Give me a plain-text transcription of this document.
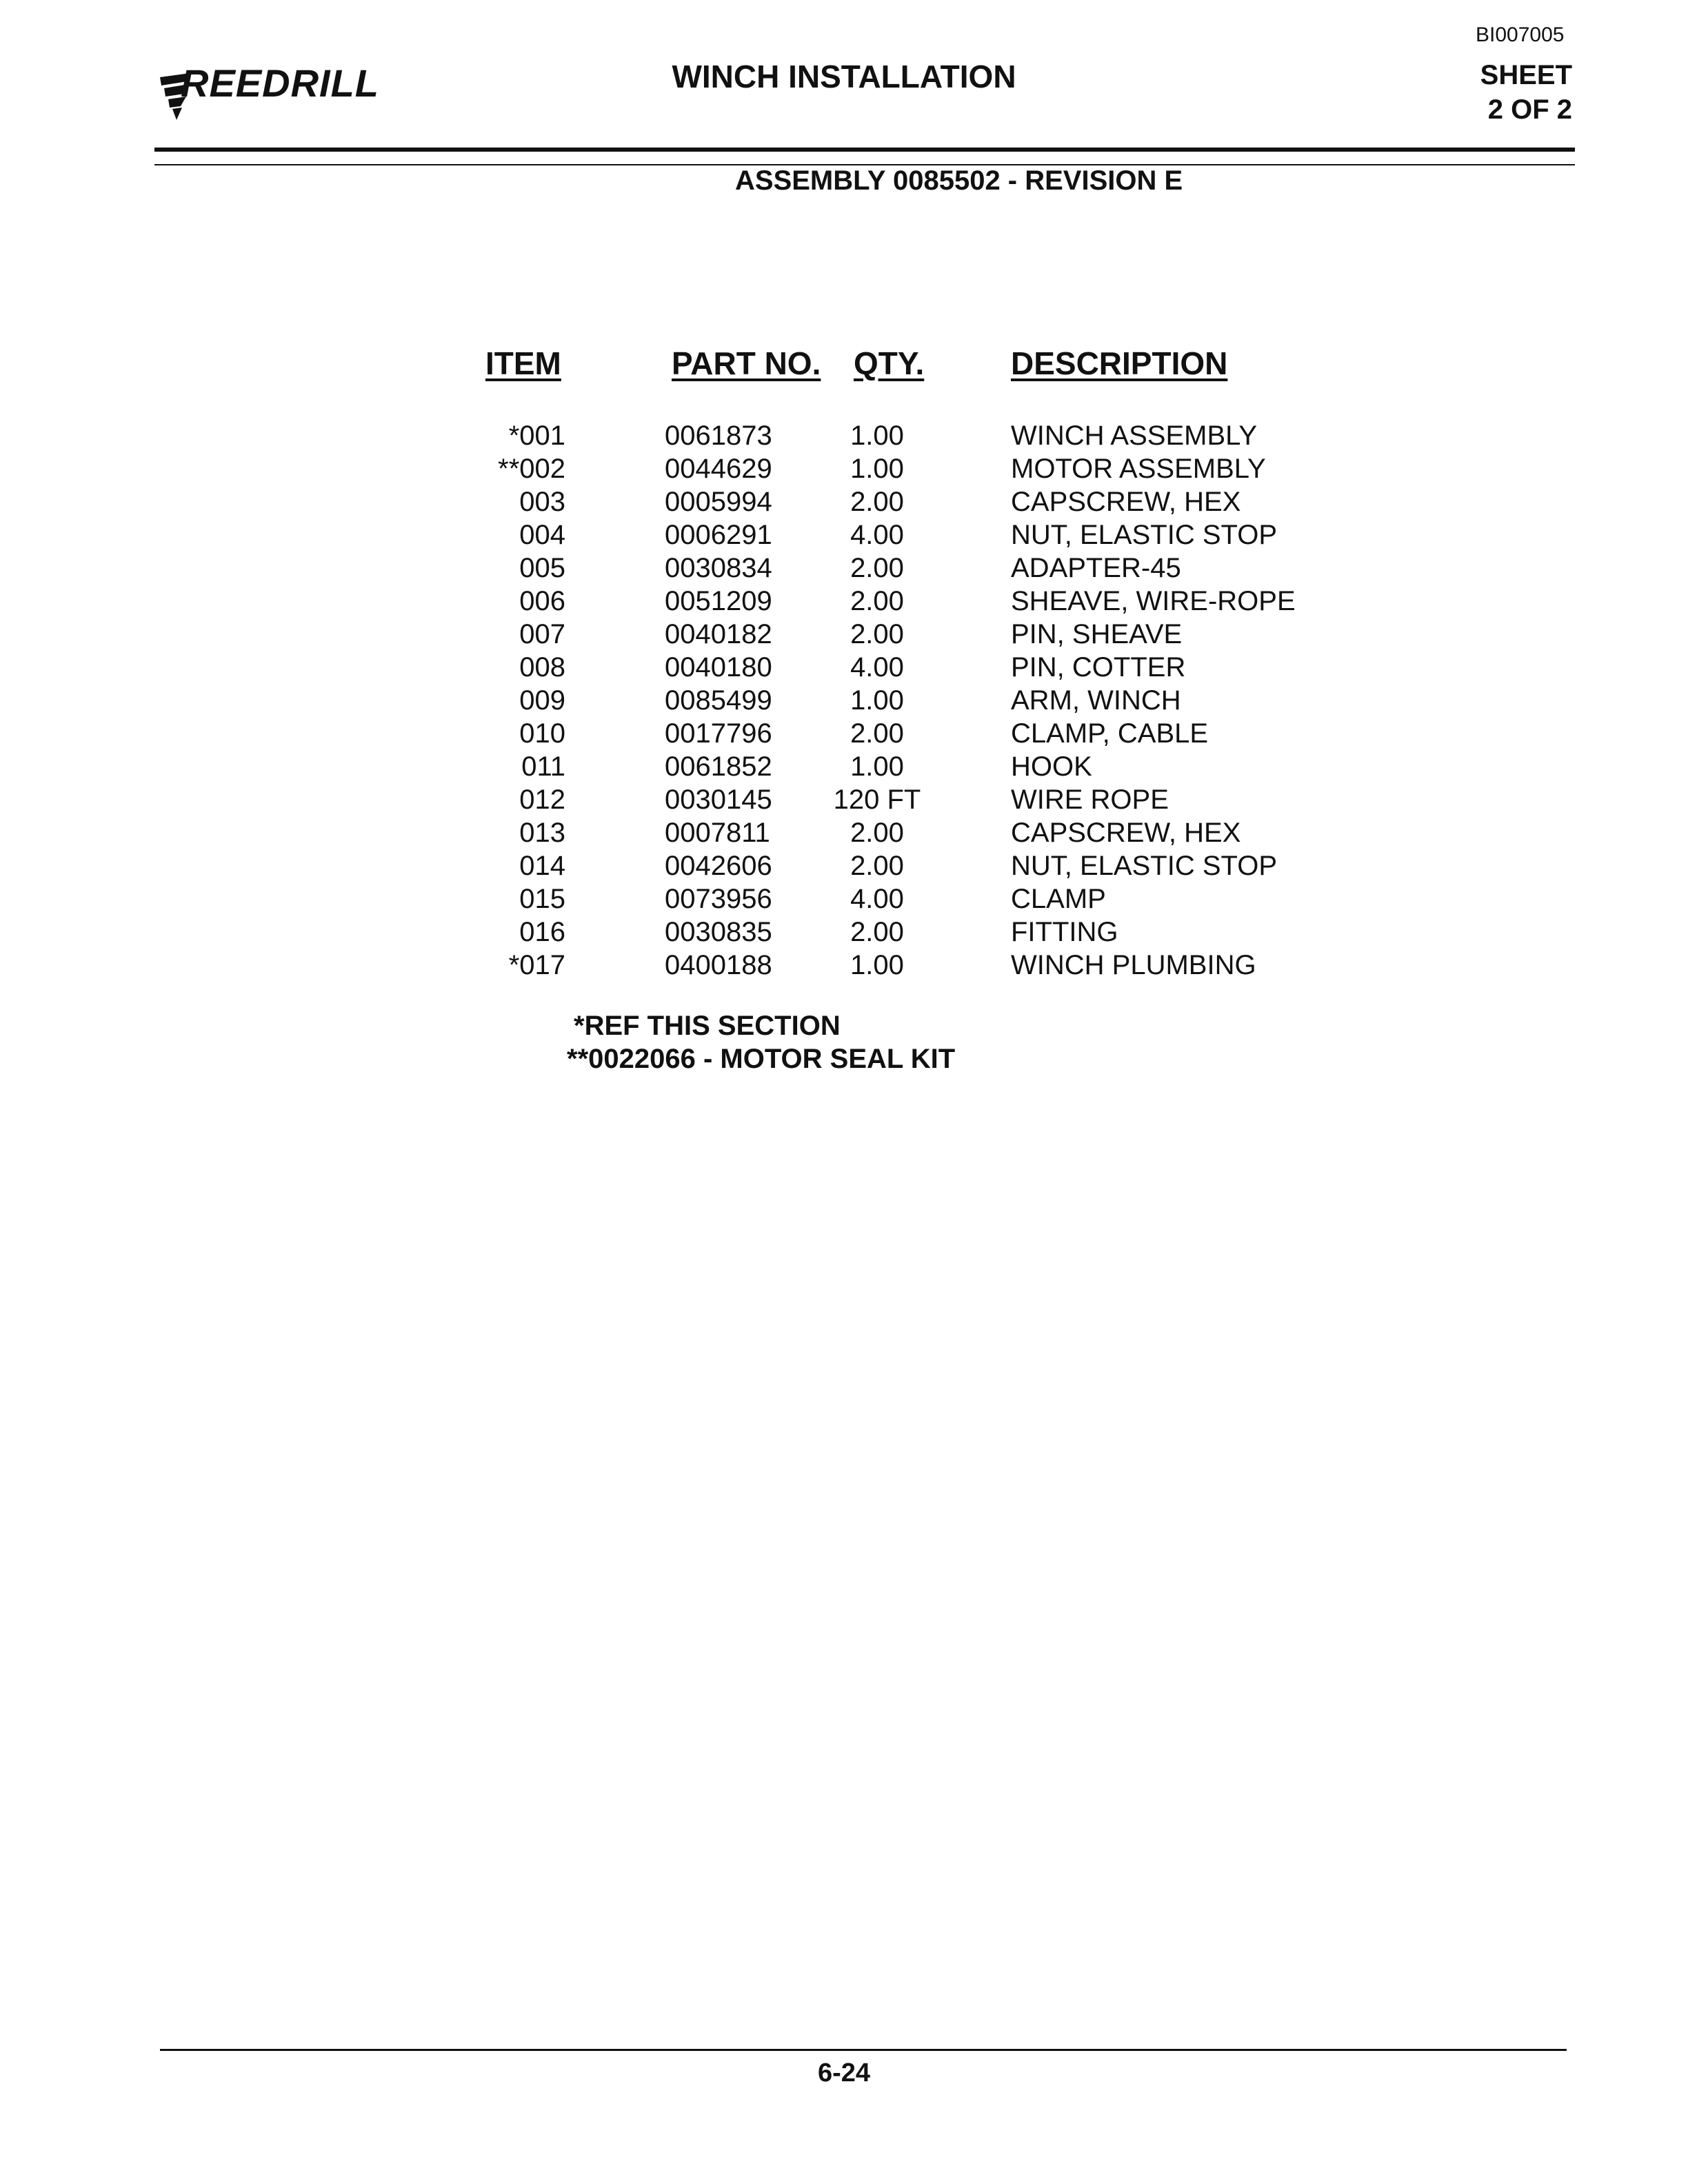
BI007005
REEDRILL	WINCH INSTALLATION	SHEET
2 OF 2
ASSEMBLY 0085502 - REVISION E
ITEM	PART NO. QTY.	DESCRIPTION
*001	0061873	1.00	WINCH ASSEMBLY
**002	0044629	1.00	MOTOR ASSEMBLY
003	0005994	2.00	CAPSCREW, HEX
004	0006291	4.00	NUT, ELASTIC STOP
005	0030834	2.00	ADAPTER-45
006	0051209	2.00	SHEAVE, WIRE-ROPE
007	0040182	2.00	PIN, SHEAVE
008	0040180	4.00	PIN, COTTER
009	0085499	1.00	ARM, WINCH
010	0017796	2.00	CLAMP, CABLE
011	0061852	1.00	HOOK
012	0030145 120 FT	WIRE ROPE
013	0007811	2.00	CAPSCREW, HEX
014	0042606	2.00	NUT, ELASTIC STOP
015	0073956	4.00	CLAMP
016	0030835	2.00	FITTING
*017	0400188	1.00	WINCH PLUMBING
*REF THIS SECTION
**0022066 - MOTOR SEAL KIT
6-24
